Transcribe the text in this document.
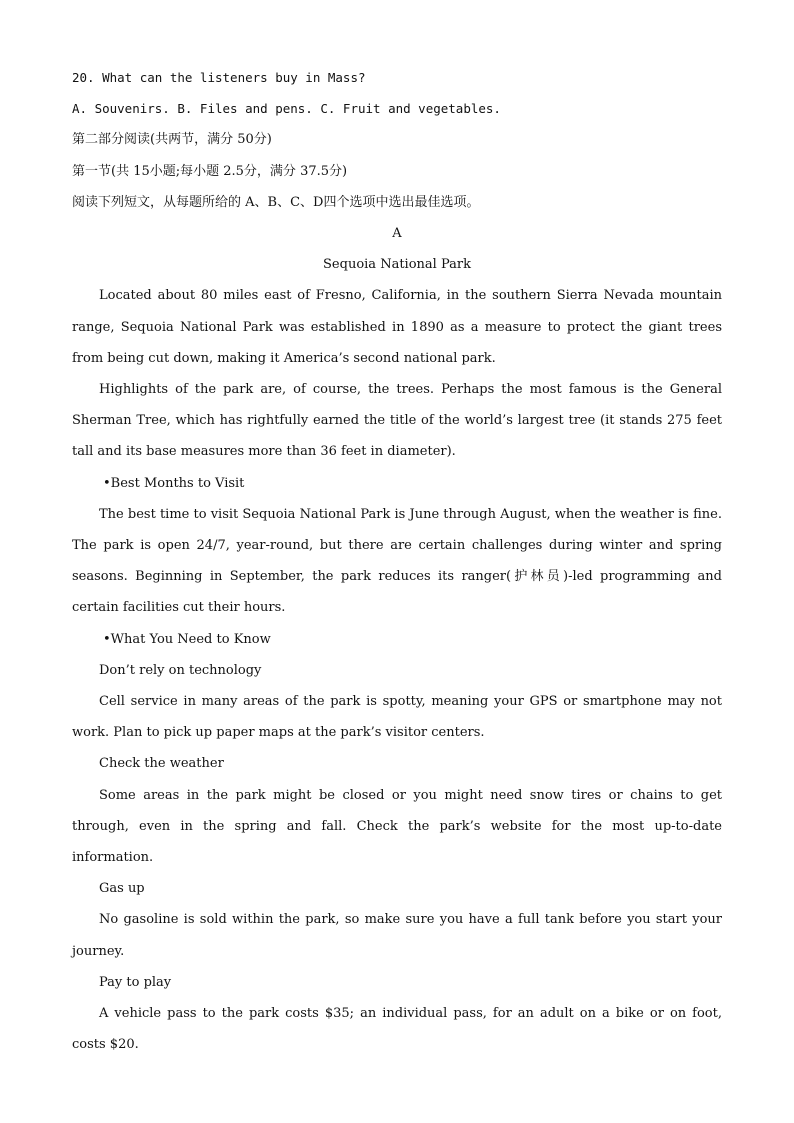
20. What can the listeners buy in Mass?
A. Souvenirs. B. Files and pens. C. Fruit and vegetables.
第二部分阅读(共两节，满分 50分)
第一节(共 15小题;每小题 2.5分，满分 37.5分)
阅读下列短文，从每题所给的 A、B、C、D四个选项中选出最佳选项。
A
Sequoia National Park

Located about 80 miles east of Fresno, California, in the southern Sierra Nevada mountain range, Sequoia National Park was established in 1890 as a measure to protect the giant trees from being cut down, making it America’s second national park.

Highlights of the park are, of course, the trees. Perhaps the most famous is the General Sherman Tree, which has rightfully earned the title of the world’s largest tree (it stands 275 feet tall and its base measures more than 36 feet in diameter).

•Best Months to Visit

The best time to visit Sequoia National Park is June through August, when the weather is fine. The park is open 24/7, year-round, but there are certain challenges during winter and spring seasons. Beginning in September, the park reduces its ranger(护林员)-led programming and certain facilities cut their hours.

•What You Need to Know
Don’t rely on technology

Cell service in many areas of the park is spotty, meaning your GPS or smartphone may not work. Plan to pick up paper maps at the park’s visitor centers.

Check the weather

Some areas in the park might be closed or you might need snow tires or chains to get through, even in the spring and fall. Check the park’s website for the most up-to-date information.

Gas up

No gasoline is sold within the park, so make sure you have a full tank before you start your journey.

Pay to play

A vehicle pass to the park costs $35; an individual pass, for an adult on a bike or on foot, costs $20.
